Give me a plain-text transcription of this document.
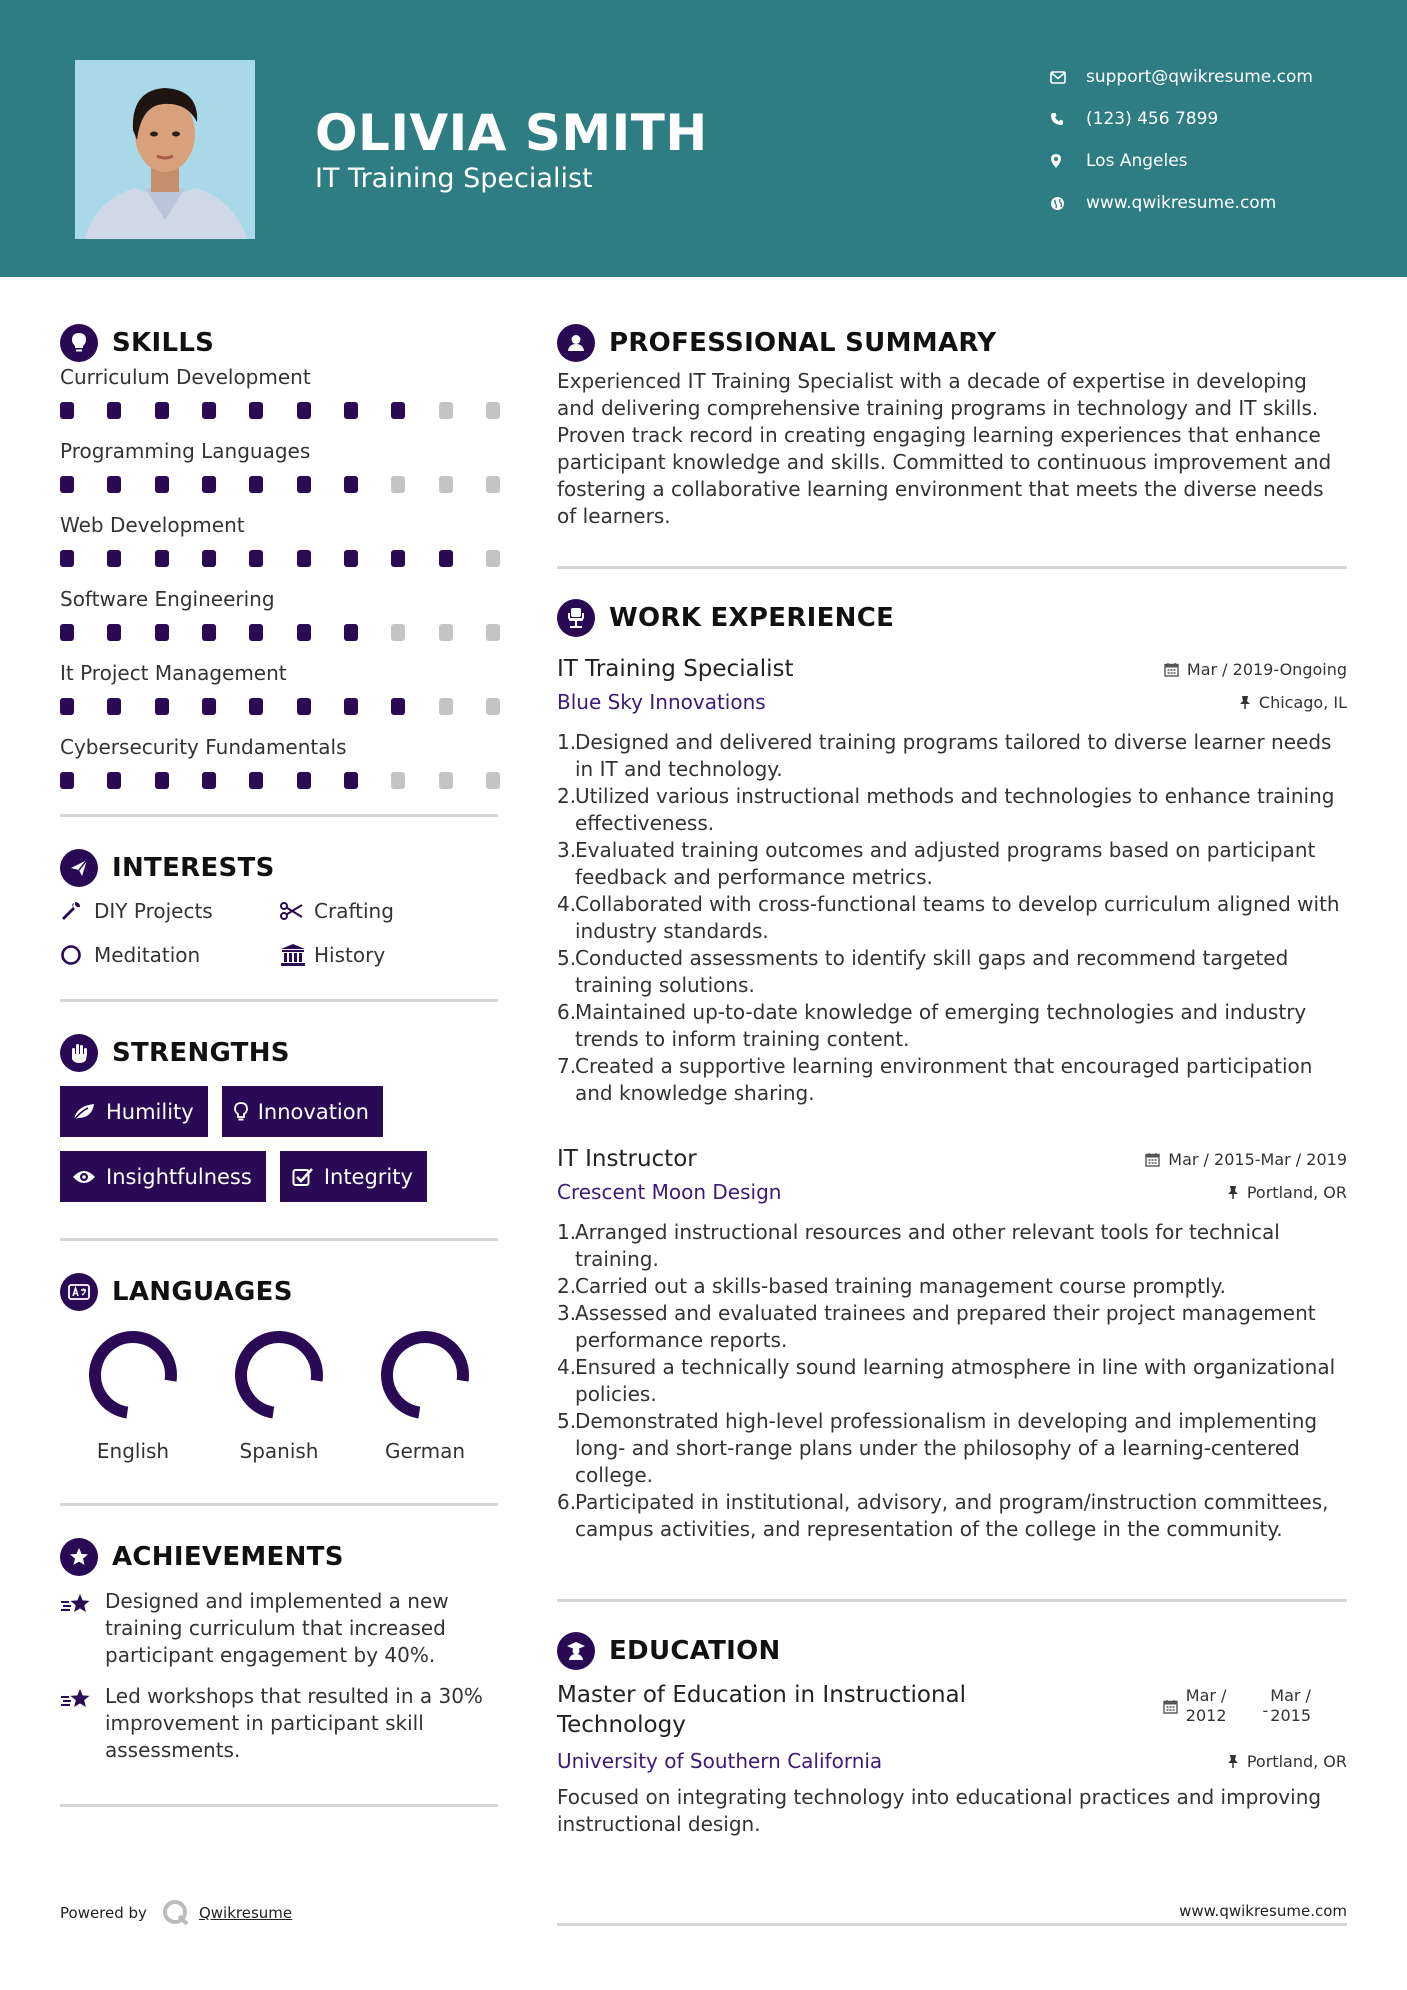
OLIVIA SMITH
IT Training Specialist
support@qwikresume.com
(123) 456 7899
Los Angeles
www.qwikresume.com
SKILLS
Curriculum Development
Programming Languages
Web Development
Software Engineering
It Project Management
Cybersecurity Fundamentals
INTERESTS
DIY Projects	Crafting
Meditation	History
STRENGTHS
Humility	Innovation
Insightfulness	Integrity
LANGUAGES
English	Spanish	German
ACHIEVEMENTS
Designed and implemented a new training curriculum that increased participant engagement by 40%.
Led workshops that resulted in a 30% improvement in participant skill assessments.
PROFESSIONAL SUMMARY

Experienced IT Training Specialist with a decade of expertise in developing and delivering comprehensive training programs in technology and IT skills. Proven track record in creating engaging learning experiences that enhance participant knowledge and skills. Committed to continuous improvement and fostering a collaborative learning environment that meets the diverse needs of learners.

WORK EXPERIENCE
IT Training Specialist	Mar / 2019-Ongoing
Blue Sky Innovations	Chicago, IL
1.
Designed and delivered training programs tailored to diverse learner needs in IT and technology.
2.
Utilized various instructional methods and technologies to enhance training effectiveness.
3.
Evaluated training outcomes and adjusted programs based on participant feedback and performance metrics.
4.
Collaborated with cross-functional teams to develop curriculum aligned with industry standards.
5.
Conducted assessments to identify skill gaps and recommend targeted training solutions.
6.
Maintained up-to-date knowledge of emerging technologies and industry trends to inform training content.
7.
Created a supportive learning environment that encouraged participation and knowledge sharing.
IT Instructor	Mar / 2015-Mar / 2019
Crescent Moon Design	Portland, OR
1.
Arranged instructional resources and other relevant tools for technical training.
2.
Carried out a skills-based training management course promptly.
3.
Assessed and evaluated trainees and prepared their project management performance reports.
4.
Ensured a technically sound learning atmosphere in line with organizational policies.
5.
Demonstrated high-level professionalism in developing and implementing long- and short-range plans under the philosophy of a learning-centered college.
6.
Participated in institutional, advisory, and program/instruction committees, campus activities, and representation of the college in the community.
EDUCATION
Master of Education in Instructional Technology
Mar /
2012 -
Mar /
2015
University of Southern California	Portland, OR

Focused on integrating technology into educational practices and improving instructional design.

Powered by	Qwikresume	www.qwikresume.com
